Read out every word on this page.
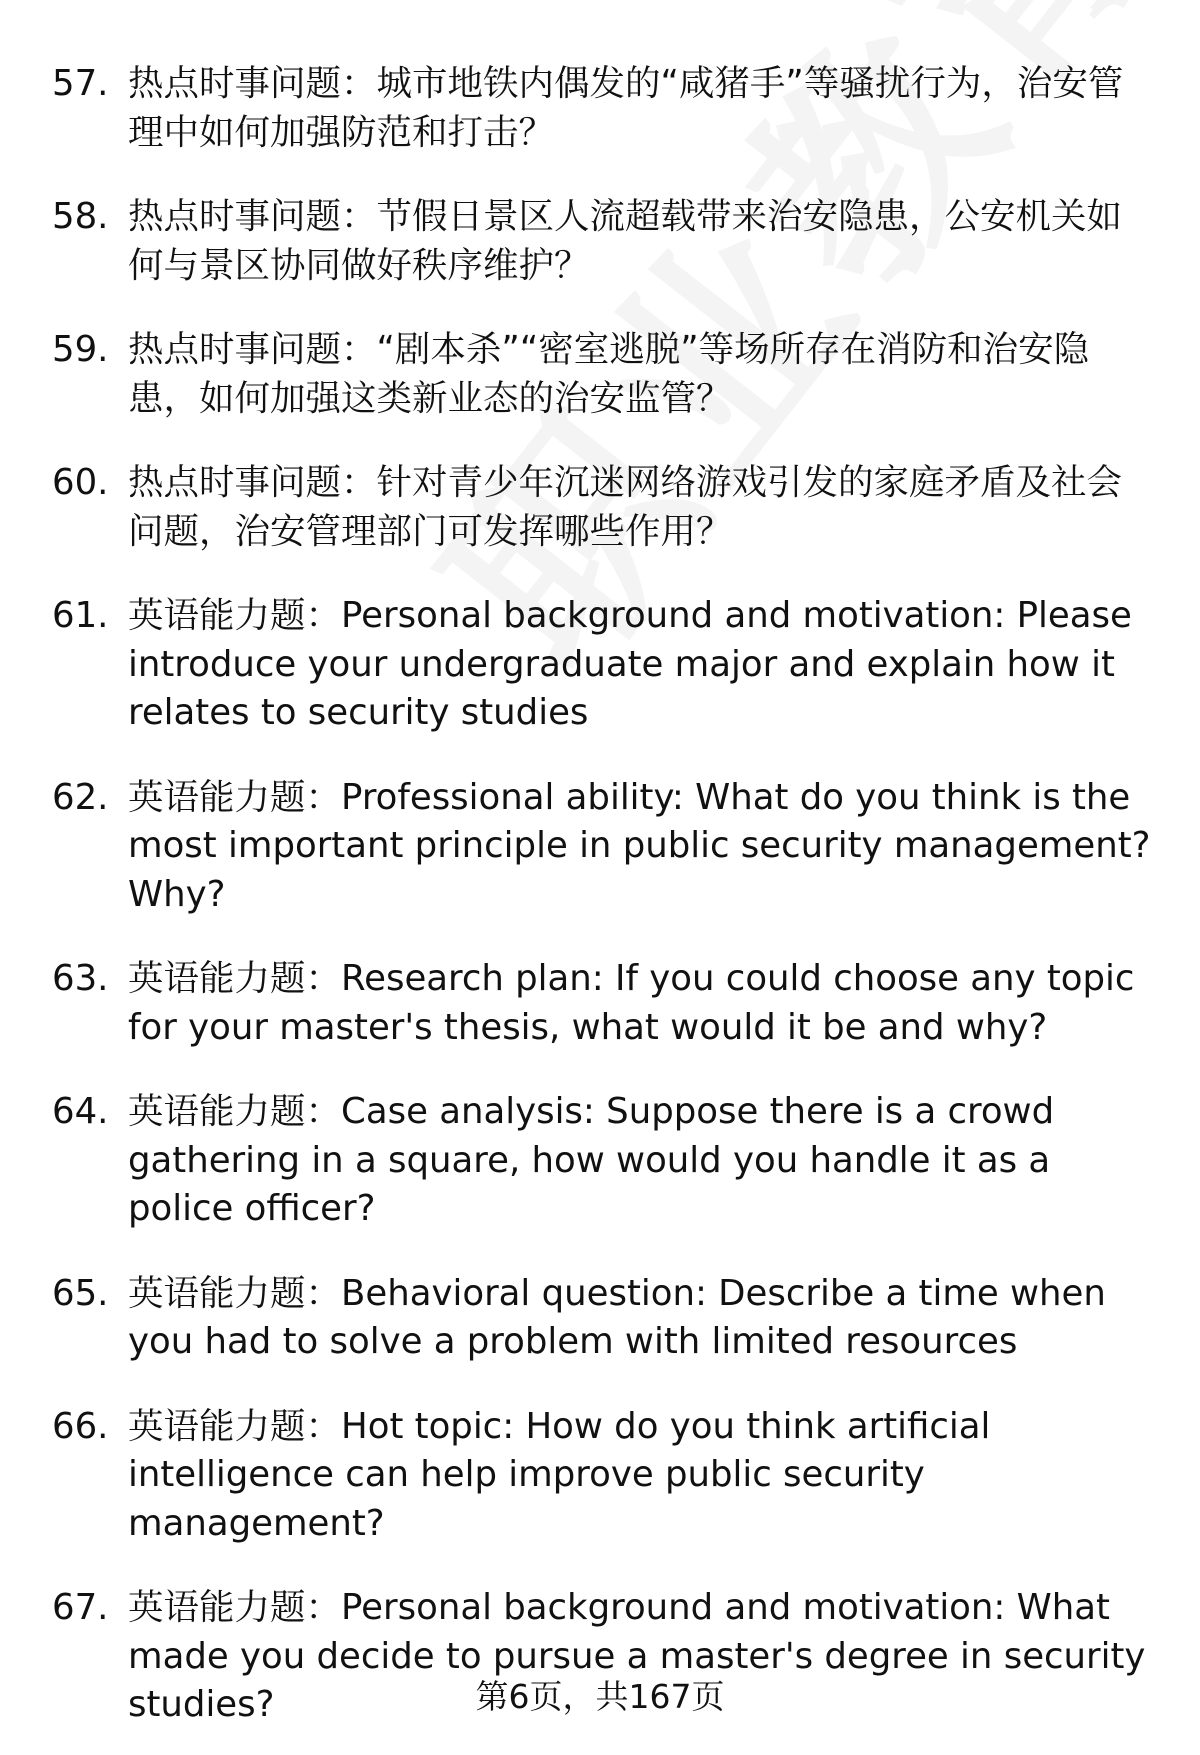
57. 热点时事问题：城市地铁内偶发的“咸猪手”等骚扰行为，治安管理中如何加强防范和打击？
58. 热点时事问题：节假日景区人流超载带来治安隐患，公安机关如何与景区协同做好秩序维护？
59. 热点时事问题：“剧本杀”“密室逃脱”等场所存在消防和治安隐患，如何加强这类新业态的治安监管？
60. 热点时事问题：针对青少年沉迷网络游戏引发的家庭矛盾及社会问题，治安管理部门可发挥哪些作用？
61. 英语能力题：Personal background and motivation: Please introduce your undergraduate major and explain how it relates to security studies
62. 英语能力题：Professional ability: What do you think is the most important principle in public security management? Why?
63. 英语能力题：Research plan: If you could choose any topic for your master's thesis, what would it be and why?
64. 英语能力题：Case analysis: Suppose there is a crowd gathering in a square, how would you handle it as a police officer?
65. 英语能力题：Behavioral question: Describe a time when you had to solve a problem with limited resources
66. 英语能力题：Hot topic: How do you think artificial intelligence can help improve public security management?
67. 英语能力题：Personal background and motivation: What made you decide to pursue a master's degree in security studies?	第6页，共167页
